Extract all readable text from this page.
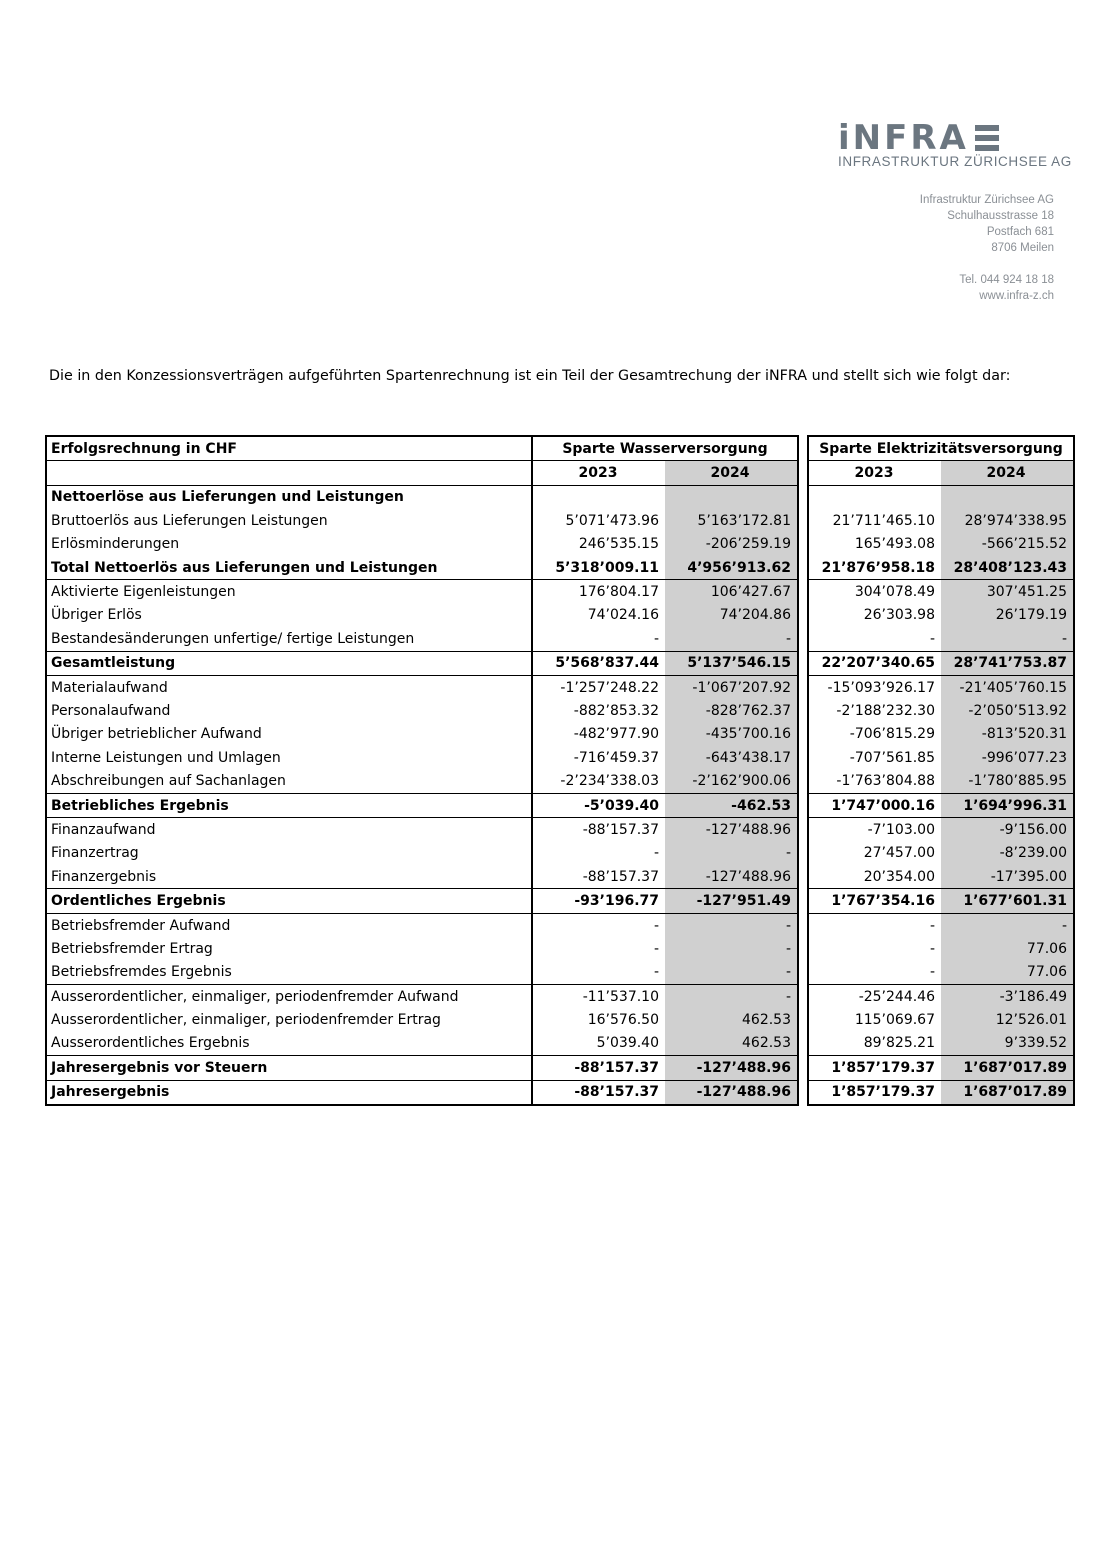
iNFRA
INFRASTRUKTUR ZÜRICHSEE AG
Infrastruktur Zürichsee AG
Schulhausstrasse 18
Postfach 681
8706 Meilen
Tel. 044 924 18 18
www.infra-z.ch
Die in den Konzessionsverträgen aufgeführten Spartenrechnung ist ein Teil der Gesamtrechung der iNFRA und stellt sich wie folgt dar:
Erfolgsrechnung in CHF	Sparte Wasserversorgung			Sparte Elektrizitätsversorgung	
	2023	2024		2023	2024
Nettoerlöse aus Lieferungen und Leistungen					
Bruttoerlös aus Lieferungen Leistungen	5’071’473.96	5’163’172.81		21’711’465.10	28’974’338.95
Erlösminderungen	246’535.15	-206’259.19		165’493.08	-566’215.52
Total Nettoerlös aus Lieferungen und Leistungen	5’318’009.11	4’956’913.62		21’876’958.18	28’408’123.43
Aktivierte Eigenleistungen	176’804.17	106’427.67		304’078.49	307’451.25
Übriger Erlös	74’024.16	74’204.86		26’303.98	26’179.19
Bestandesänderungen unfertige/ fertige Leistungen	-	-		-	-
Gesamtleistung	5’568’837.44	5’137’546.15		22’207’340.65	28’741’753.87
Materialaufwand	-1’257’248.22	-1’067’207.92		-15’093’926.17	-21’405’760.15
Personalaufwand	-882’853.32	-828’762.37		-2’188’232.30	-2’050’513.92
Übriger betrieblicher Aufwand	-482’977.90	-435’700.16		-706’815.29	-813’520.31
Interne Leistungen und Umlagen	-716’459.37	-643’438.17		-707’561.85	-996’077.23
Abschreibungen auf Sachanlagen	-2’234’338.03	-2’162’900.06		-1’763’804.88	-1’780’885.95
Betriebliches Ergebnis	-5’039.40	-462.53		1’747’000.16	1’694’996.31
Finanzaufwand	-88’157.37	-127’488.96		-7’103.00	-9’156.00
Finanzertrag	-	-		27’457.00	-8’239.00
Finanzergebnis	-88’157.37	-127’488.96		20’354.00	-17’395.00
Ordentliches Ergebnis	-93’196.77	-127’951.49		1’767’354.16	1’677’601.31
Betriebsfremder Aufwand	-	-		-	-
Betriebsfremder Ertrag	-	-		-	77.06
Betriebsfremdes Ergebnis	-	-		-	77.06
Ausserordentlicher, einmaliger, periodenfremder Aufwand	-11’537.10	-		-25’244.46	-3’186.49
Ausserordentlicher, einmaliger, periodenfremder Ertrag	16’576.50	462.53		115’069.67	12’526.01
Ausserordentliches Ergebnis	5’039.40	462.53		89’825.21	9’339.52
Jahresergebnis vor Steuern	-88’157.37	-127’488.96		1’857’179.37	1’687’017.89
Jahresergebnis	-88’157.37	-127’488.96		1’857’179.37	1’687’017.89
